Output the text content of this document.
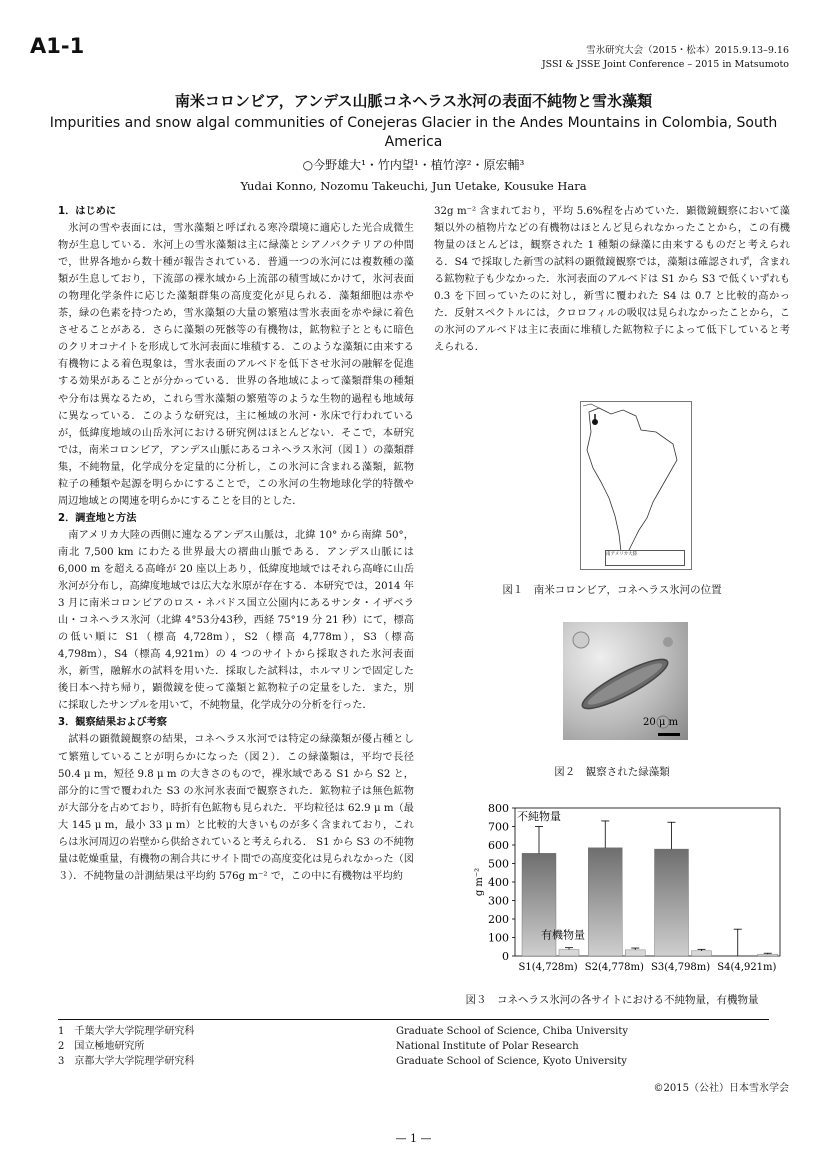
A1-1	雪氷研究大会（2015・松本）2015.9.13–9.16
JSSI & JSSE Joint Conference – 2015 in Matsumoto
南米コロンビア，アンデス山脈コネヘラス氷河の表面不純物と雪氷藻類
Impurities and snow algal communities of Conejeras Glacier in the Andes Mountains in Colombia, South America
○今野雄大¹・竹内望¹・植竹淳²・原宏輔³
Yudai Konno, Nozomu Takeuchi, Jun Uetake, Kousuke Hara
1．はじめに

氷河の雪や表面には，雪氷藻類と呼ばれる寒冷環境に適応した光合成微生物が生息している．氷河上の雪氷藻類は主に緑藻とシアノバクテリアの仲間で，世界各地から数十種が報告されている．普通一つの氷河には複数種の藻類が生息しており，下流部の裸氷域から上流部の積雪域にかけて，氷河表面の物理化学条件に応じた藻類群集の高度変化が見られる．藻類細胞は赤や茶，緑の色素を持つため，雪氷藻類の大量の繁殖は雪氷表面を赤や緑に着色させることがある．さらに藻類の死骸等の有機物は，鉱物粒子とともに暗色のクリオコナイトを形成して氷河表面に堆積する．このような藻類に由来する有機物による着色現象は，雪氷表面のアルベドを低下させ氷河の融解を促進する効果があることが分かっている．世界の各地域によって藻類群集の種類や分布は異なるため，これら雪氷藻類の繁殖等のような生物的過程も地域毎に異なっている．このような研究は，主に極域の氷河・氷床で行われているが，低緯度地域の山岳氷河における研究例はほとんどない．そこで，本研究では，南米コロンビア，アンデス山脈にあるコネヘラス氷河（図１）の藻類群集，不純物量，化学成分を定量的に分析し，この氷河に含まれる藻類，鉱物粒子の種類や起源を明らかにすることで，この氷河の生物地球化学的特徴や周辺地域との関連を明らかにすることを目的とした．

2．調査地と方法

南アメリカ大陸の西側に連なるアンデス山脈は，北緯 10° から南緯 50°，南北 7,500 km にわたる世界最大の褶曲山脈である．アンデス山脈には 6,000 m を超える高峰が 20 座以上あり，低緯度地域ではそれら高峰に山岳氷河が分布し，高緯度地域では広大な氷原が存在する．本研究では，2014 年 3 月に南米コロンビアのロス・ネバドス国立公園内にあるサンタ・イザベラ山・コネヘラス氷河（北緯 4°53分43秒，西経 75°19 分 21 秒）にて，標高の低い順に S1（標高 4,728m），S2（標高 4,778m），S3（標高 4,798m），S4（標高 4,921m）の 4 つのサイトから採取された氷河表面氷，新雪，融解水の試料を用いた．採取した試料は，ホルマリンで固定した後日本へ持ち帰り，顕微鏡を使って藻類と鉱物粒子の定量をした．また，別に採取したサンプルを用いて，不純物量，化学成分の分析を行った．

3．観察結果および考察

試料の顕微鏡観察の結果，コネヘラス氷河では特定の緑藻類が優占種として繁殖していることが明らかになった（図２）．この緑藻類は，平均で長径 50.4 μ m，短径 9.8 μ m の大きさのもので，裸氷域である S1 から S2 と，部分的に雪で覆われた S3 の氷河氷表面で観察された．鉱物粒子は無色鉱物が大部分を占めており，時折有色鉱物も見られた．平均粒径は 62.9 μ m（最大 145 μ m，最小 33 μ m）と比較的大きいものが多く含まれており，これらは氷河周辺の岩壁から供給されていると考えられる． S1 から S3 の不純物量は乾燥重量，有機物の割合共にサイト間での高度変化は見られなかった（図３）．不純物量の計測結果は平均約 576g m⁻² で，この中に有機物は平均約

32g m⁻² 含まれており，平均 5.6%程を占めていた．顕微鏡観察において藻類以外の植物片などの有機物はほとんど見られなかったことから，この有機物量のほとんどは，観察された 1 種類の緑藻に由来するものだと考えられる．S4 で採取した新雪の試料の顕微鏡観察では，藻類は確認されず，含まれる鉱物粒子も少なかった．氷河表面のアルベドは S1 から S3 で低くいずれも 0.3 を下回っていたのに対し，新雪に覆われた S4 は 0.7 と比較的高かった．反射スペクトルには，クロロフィルの吸収は見られなかったことから，この氷河のアルベドは主に表面に堆積した鉱物粒子によって低下していると考えられる．

南アメリカ大陸
図１　南米コロンビア，コネヘラス氷河の位置
20 μ m
図２　観察された緑藻類
0
100
200
300
400
500
600
700
800
g m⁻²
S1(4,728m) S2(4,778m) S3(4,798m) S4(4,921m)
不純物量
有機物量
図３　コネヘラス氷河の各サイトにおける不純物量，有機物量
1　千葉大学大学院理学研究科
2　国立極地研究所
3　京都大学大学院理学研究科
Graduate School of Science, Chiba University
National Institute of Polar Research
Graduate School of Science, Kyoto University
©2015（公社）日本雪氷学会
— 1 —
